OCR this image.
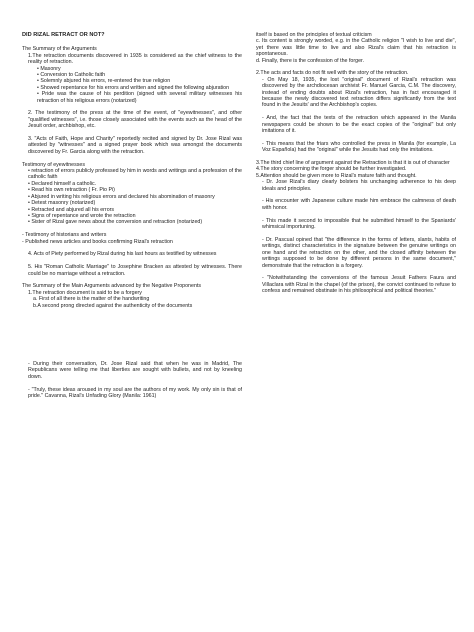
DID RIZAL RETRACT OR NOT?

The Summary of the Arguments

1.The retraction documents discovered in 1935 is considered as the chief witness to the reality of retraction.

• Masonry

• Conversion to Catholic faith

• Solemnly abjured his errors, re-entered the true religion

• Showed repentance for his errors and written and signed the following abjuration

• Pride was the cause of his perdition (signed with several military witnesses his retraction of his religious errors (notarized)

2. The testimony of the press at the time of the event, of "eyewitnesses", and other "qualified witnesses", i.e. those closely associated with the events such as the head of the Jesuit order, archbishop, etc.

3. "Acts of Faith, Hope and Charity" reportedly recited and signed by Dr. Jose Rizal was attested by "witnesses" and a signed prayer book which was amongst the documents discovered by Fr. Garcia along with the retraction.

Testimony of eyewitnesses

• retraction of errors publicly professed by him in words and writings and a profession of the catholic faith

• Declared himself a catholic.

• Read his own retraction ( Fr. Pio Pi)

• Abjured in writing his religious errors and declared his abomination of masonry

• Detest masonry (notarized)

• Retracted and abjured all his errors

• Signs of repentance and wrote the retraction

• Sister of Rizal gave news about the conversion and retraction (notarized)

- Testimony of historians and writers

- Published news articles and books confirming Rizal's retraction

4. Acts of Piety performed by Rizal during his last hours as testified by witnesses

5. His "Roman Catholic Marriage" to Josephine Bracken as attested by witnesses. There could be no marriage without a retraction.

The Summary of the Main Arguments advanced by the Negative Proponents

1.The retraction document is said to be a forgery

a. First of all there is the matter of the handwriting

b.A second prong directed against the authenticity of the documents

- During their conversation, Dr. Jose Rizal said that when he was in Madrid, The Republicans were telling me that liberties are sought with bullets, and not by kneeling down.

- "Truly, these ideas aroused in my soul are the authors of my work. My only sin is that of pride." Cavanna, Rizal's Unfading Glory (Manila: 1961)

itself is based on the principles of textual criticism

c. Its content is strongly worded, e.g. in the Catholic religion "I wish to live and die", yet there was little time to live and also Rizal's claim that his retraction is spontaneous.

d. Finally, there is the confession of the forger.

2.The acts and facts do not fit well with the story of the retraction.

- On May 18, 1935, the lost "original" document of Rizal's retraction was discovered by the archdiocesan archivist Fr. Manuel Garcia, C.M. The discovery, instead of ending doubts about Rizal's retraction, has in fact encouraged it because the newly discovered text retraction differs significantly from the text found in the Jesuits' and the Archbishop's copies.

- And, the fact that the texts of the retraction which appeared in the Manila newspapers could be shown to be the exact copies of the "original" but only imitations of it.

- This means that the friars who controlled the press in Manila (for example, La Voz Española) had the "original" while the Jesuits had only the imitations.

3.The third chief line of argument against the Retraction is that it is out of character

4.The story concerning the forger should be further investigated.

5.Attention should be given more to Rizal's mature faith and thought.

- Dr. Jose Rizal's diary clearly bolsters his unchanging adherence to his deep ideals and principles.

- His encounter with Japanese culture made him embrace the calmness of death with honor.

- This made it second to impossible that he submitted himself to the Spaniards' whimsical importuning.

- Dr. Pascual opined that "the difference in the forms of letters, slants, habits of writings, distinct characteristics in the signature between the genuine writings on one hand and the retraction on the other, and the closed affinity between the writings supposed to be done by different persons in the same document," demonstrate that the retraction is a forgery.

- "Notwithstanding the conversions of the famous Jesuit Fathers Faura and Villaclara with Rizal in the chapel (of the prison), the convict continued to refuse to confess and remained obstinate in his philosophical and political theories."
